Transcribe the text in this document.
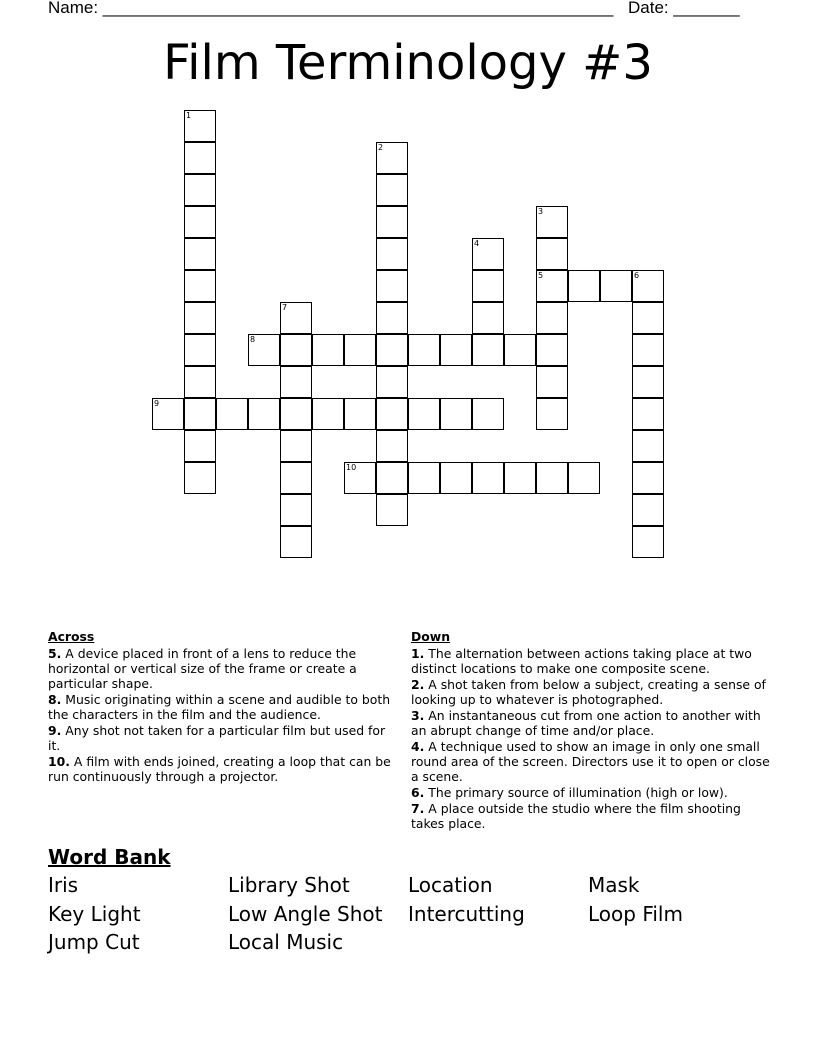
Name: ______________________________________________________ Date: _______
Film Terminology #3
1
2
3
5
4
6
7
8
9
10
Across
5. A device placed in front of a lens to reduce the horizontal or vertical size of the frame or create a particular shape.
8. Music originating within a scene and audible to both the characters in the film and the audience.
9. Any shot not taken for a particular film but used for it.
10. A film with ends joined, creating a loop that can be run continuously through a projector.
Down
1. The alternation between actions taking place at two distinct locations to make one composite scene.
2. A shot taken from below a subject, creating a sense of looking up to whatever is photographed.
3. An instantaneous cut from one action to another with an abrupt change of time and/or place.
4. A technique used to show an image in only one small round area of the screen. Directors use it to open or close a scene.
6. The primary source of illumination (high or low).
7. A place outside the studio where the film shooting takes place.
Word Bank
Iris	Library Shot	Location	Mask
Key Light	Low Angle Shot	Intercutting	Loop Film
Jump Cut	Local Music
